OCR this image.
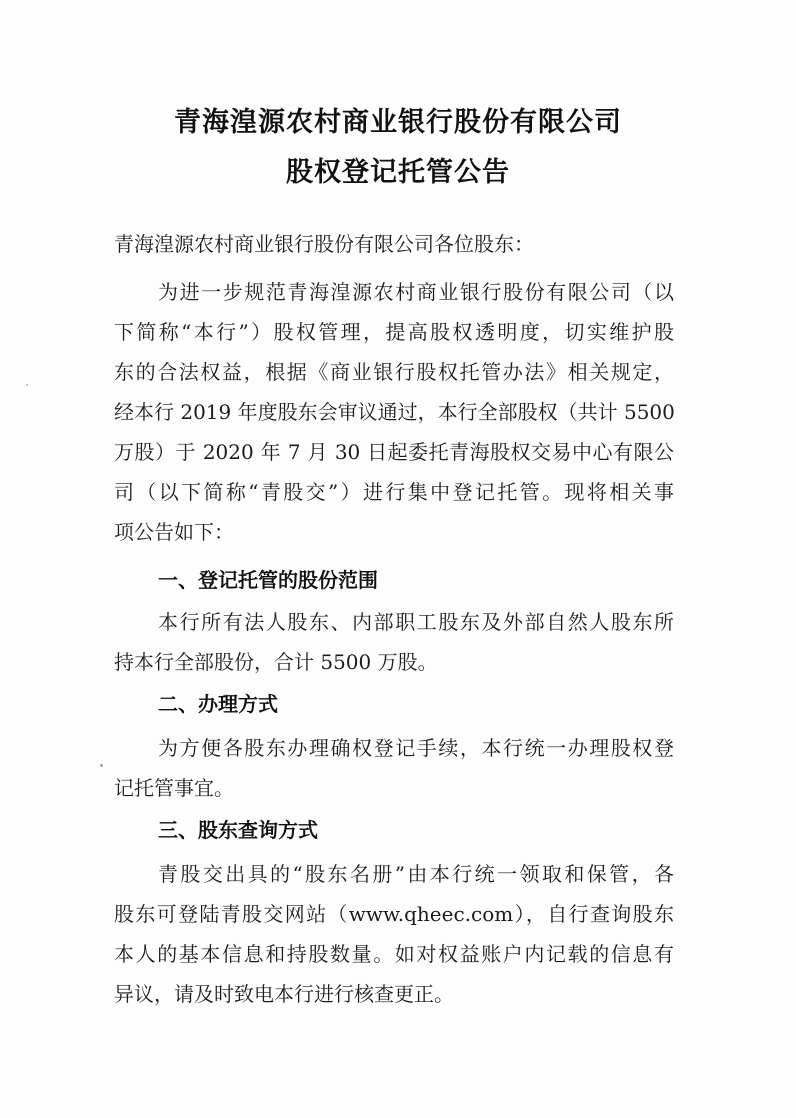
青海湟源农村商业银行股份有限公司
股权登记托管公告
青海湟源农村商业银行股份有限公司各位股东：
为进一步规范青海湟源农村商业银行股份有限公司（以
下简称“本行”）股权管理，提高股权透明度，切实维护股
东的合法权益，根据《商业银行股权托管办法》相关规定，
经本行 2019 年度股东会审议通过，本行全部股权（共计 5500
万股）于 2020 年 7 月 30 日起委托青海股权交易中心有限公
司（以下简称“青股交”）进行集中登记托管。现将相关事
项公告如下：
一、登记托管的股份范围
本行所有法人股东、内部职工股东及外部自然人股东所
持本行全部股份，合计 5500 万股。
二、办理方式
为方便各股东办理确权登记手续，本行统一办理股权登
记托管事宜。
三、股东查询方式
青股交出具的“股东名册”由本行统一领取和保管，各
股东可登陆青股交网站（www.qheec.com），自行查询股东
本人的基本信息和持股数量。如对权益账户内记载的信息有
异议，请及时致电本行进行核查更正。
